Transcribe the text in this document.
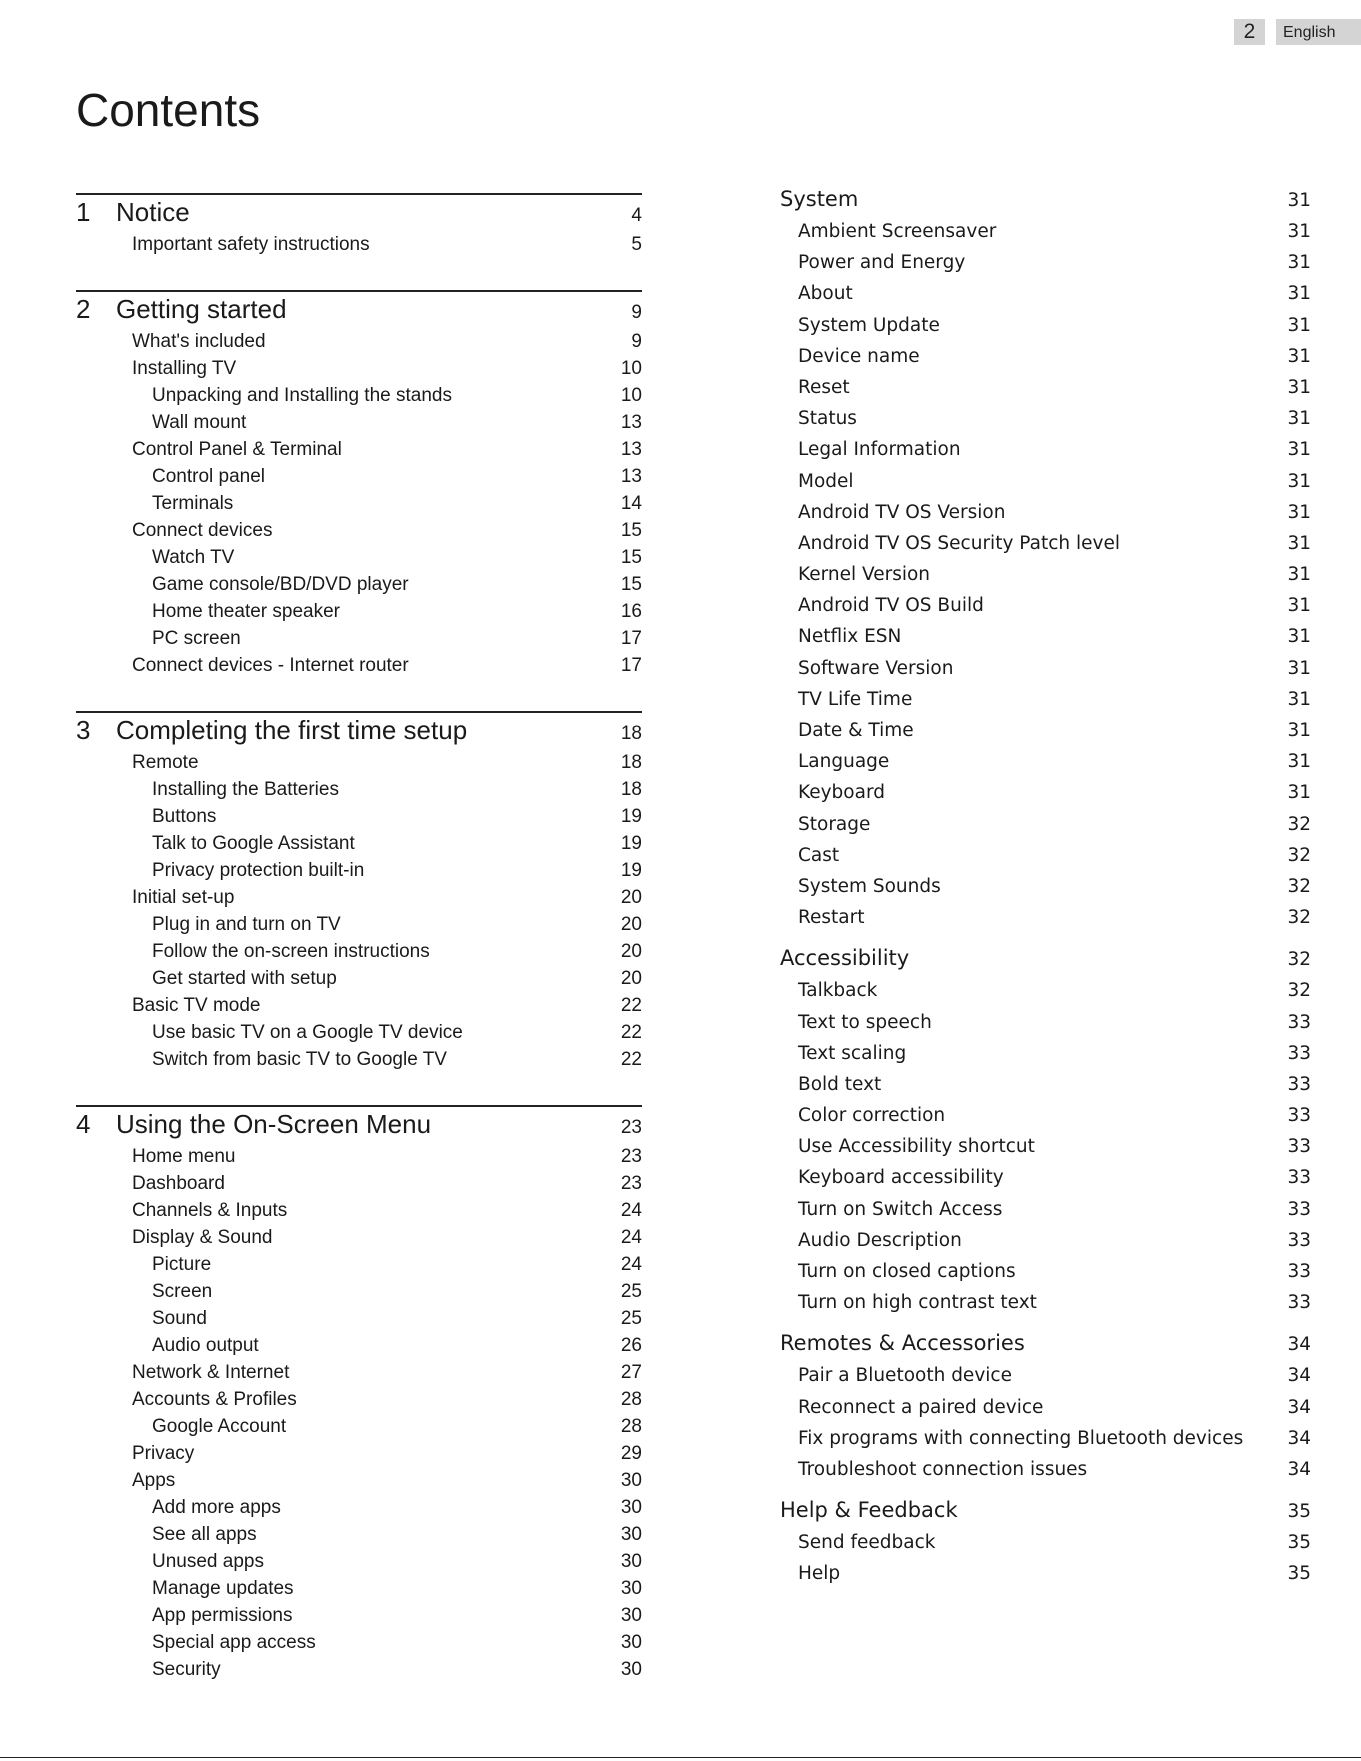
2	English
Contents
1 Notice	4
Important safety instructions	5
2 Getting started	9
What's included	9
Installing TV	10
Unpacking and Installing the stands	10
Wall mount	13
Control Panel & Terminal	13
Control panel	13
Terminals	14
Connect devices	15
Watch TV	15
Game console/BD/DVD player	15
Home theater speaker	16
PC screen	17
Connect devices - Internet router	17
3 Completing the first time setup	18
Remote	18
Installing the Batteries	18
Buttons	19
Talk to Google Assistant	19
Privacy protection built-in	19
Initial set-up	20
Plug in and turn on TV	20
Follow the on-screen instructions	20
Get started with setup	20
Basic TV mode	22
Use basic TV on a Google TV device	22
Switch from basic TV to Google TV	22
4 Using the On-Screen Menu	23
Home menu	23
Dashboard	23
Channels & Inputs	24
Display & Sound	24
Picture	24
Screen	25
Sound	25
Audio output	26
Network & Internet	27
Accounts & Profiles	28
Google Account	28
Privacy	29
Apps	30
Add more apps	30
See all apps	30
Unused apps	30
Manage updates	30
App permissions	30
Special app access	30
Security	30
System	31
Ambient Screensaver	31
Power and Energy	31
About	31
System Update	31
Device name	31
Reset	31
Status	31
Legal Information	31
Model	31
Android TV OS Version	31
Android TV OS Security Patch level	31
Kernel Version	31
Android TV OS Build	31
Netflix ESN	31
Software Version	31
TV Life Time	31
Date & Time	31
Language	31
Keyboard	31
Storage	32
Cast	32
System Sounds	32
Restart	32
Accessibility	32
Talkback	32
Text to speech	33
Text scaling	33
Bold text	33
Color correction	33
Use Accessibility shortcut	33
Keyboard accessibility	33
Turn on Switch Access	33
Audio Description	33
Turn on closed captions	33
Turn on high contrast text	33
Remotes & Accessories	34
Pair a Bluetooth device	34
Reconnect a paired device	34
Fix programs with connecting Bluetooth devices	34
Troubleshoot connection issues	34
Help & Feedback	35
Send feedback	35
Help	35
